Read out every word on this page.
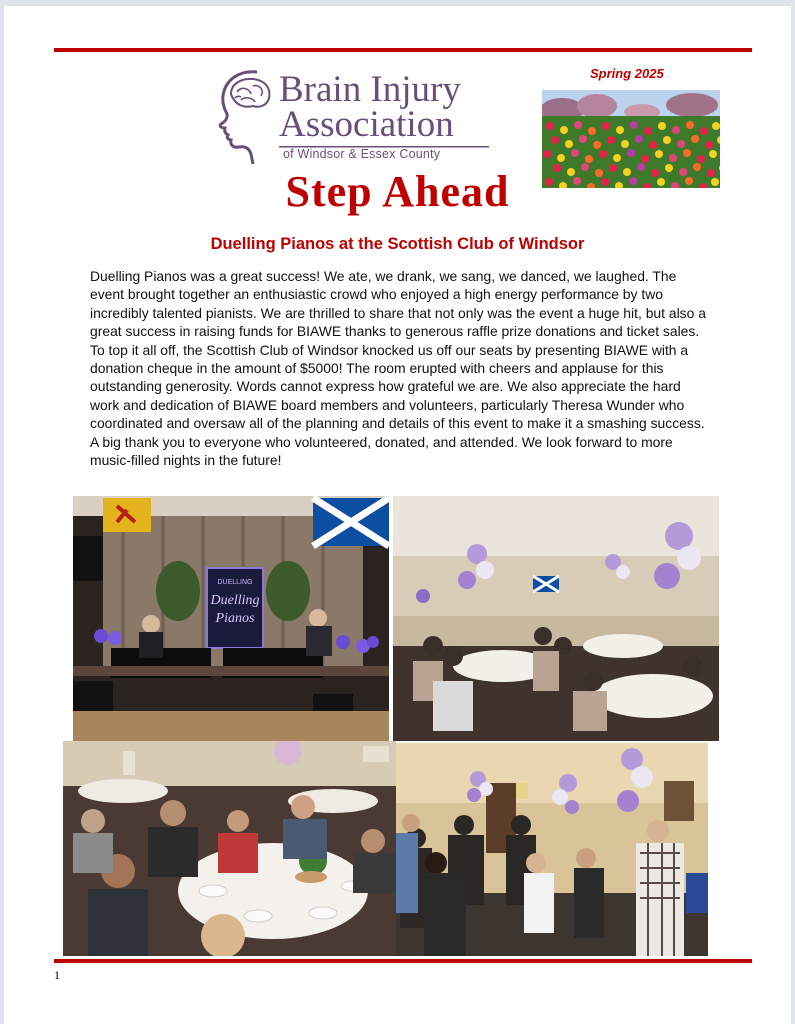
Brain Injury
Association
of Windsor & Essex County
Spring 2025
Step Ahead
Duelling Pianos at the Scottish Club of Windsor

Duelling Pianos was a great success! We ate, we drank, we sang, we danced, we laughed. The event brought together an enthusiastic crowd who enjoyed a high energy performance by two incredibly talented pianists. We are thrilled to share that not only was the event a huge hit, but also a great success in raising funds for BIAWE thanks to generous raffle prize donations and ticket sales. To top it all off, the Scottish Club of Windsor knocked us off our seats by presenting BIAWE with a donation cheque in the amount of $5000! The room erupted with cheers and applause for this outstanding generosity. Words cannot express how grateful we are. We also appreciate the hard work and dedication of BIAWE board members and volunteers, particularly Theresa Wunder who coordinated and oversaw all of the planning and details of this event to make it a smashing success. A big thank you to everyone who volunteered, donated, and attended. We look forward to more music-filled nights in the future!

DUELLING
Duelling
Pianos
1
